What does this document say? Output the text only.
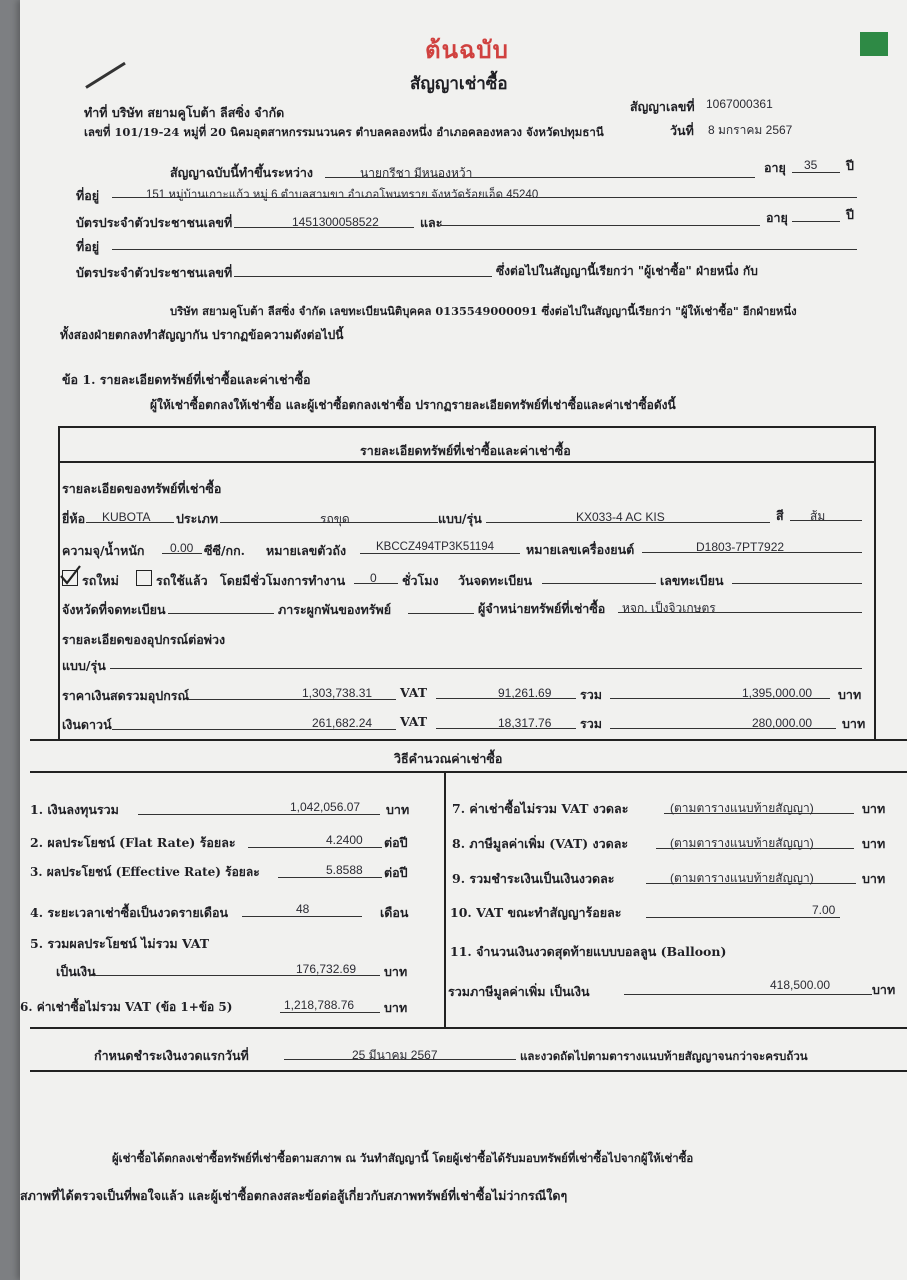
ต้นฉบับ
สัญญาเช่าซื้อ
ทำที่ บริษัท สยามคูโบต้า ลีสซิ่ง จำกัด
เลขที่ 101/19-24 หมู่ที่ 20 นิคมอุตสาหกรรมนวนคร ตำบลคลองหนึ่ง อำเภอคลองหลวง จังหวัดปทุมธานี
สัญญาเลขที่ 1067000361
วันที่ 8 มกราคม 2567
สัญญาฉบับนี้ทำขึ้นระหว่าง	นายกรีชา มีหนองหว้า	อายุ 35 ปี
ที่อยู่	151 หมู่บ้านเกาะแก้ว หมู่ 6 ตำบลสามขา อำเภอโพนทราย จังหวัดร้อยเอ็ด 45240
บัตรประจำตัวประชาชนเลขที่	1451300058522	และ	อายุ	ปี
ที่อยู่
บัตรประจำตัวประชาชนเลขที่	ซึ่งต่อไปในสัญญานี้เรียกว่า "ผู้เช่าซื้อ" ฝ่ายหนึ่ง กับ
บริษัท สยามคูโบต้า ลีสซิ่ง จำกัด เลขทะเบียนนิติบุคคล 0135549000091 ซึ่งต่อไปในสัญญานี้เรียกว่า "ผู้ให้เช่าซื้อ" อีกฝ่ายหนึ่ง
ทั้งสองฝ่ายตกลงทำสัญญากัน ปรากฏข้อความดังต่อไปนี้
ข้อ 1. รายละเอียดทรัพย์ที่เช่าซื้อและค่าเช่าซื้อ
ผู้ให้เช่าซื้อตกลงให้เช่าซื้อ และผู้เช่าซื้อตกลงเช่าซื้อ ปรากฏรายละเอียดทรัพย์ที่เช่าซื้อและค่าเช่าซื้อดังนี้
รายละเอียดทรัพย์ที่เช่าซื้อและค่าเช่าซื้อ
รายละเอียดของทรัพย์ที่เช่าซื้อ
ยี่ห้อ KUBOTA ประเภท	รถขุด	แบบ/รุ่น	KX033-4 AC KIS	สี ส้ม
ความจุ/น้ำหนัก 0.00 ซีซี/กก. หมายเลขตัวถัง	KBCCZ494TP3K51194	หมายเลขเครื่องยนต์	D1803-7PT7922
รถใหม่	รถใช้แล้ว โดยมีชั่วโมงการทำงาน 0 ชั่วโมง วันจดทะเบียน	เลขทะเบียน
จังหวัดที่จดทะเบียน	ภาระผูกพันของทรัพย์	ผู้จำหน่ายทรัพย์ที่เช่าซื้อ หจก. เป็งจิวเกษตร
รายละเอียดของอุปกรณ์ต่อพ่วง
แบบ/รุ่น
ราคาเงินสดรวมอุปกรณ์	1,303,738.31 VAT	91,261.69 รวม	1,395,000.00 บาท
เงินดาวน์	261,682.24 VAT	18,317.76 รวม	280,000.00 บาท
วิธีคำนวณค่าเช่าซื้อ
1. เงินลงทุนรวม	1,042,056.07 บาท
2. ผลประโยชน์ (Flat Rate) ร้อยละ	4.2400 ต่อปี
3. ผลประโยชน์ (Effective Rate) ร้อยละ	5.8588 ต่อปี
4. ระยะเวลาเช่าซื้อเป็นงวดรายเดือน	48	เดือน
5. รวมผลประโยชน์ ไม่รวม VAT
เป็นเงิน	176,732.69 บาท
6. ค่าเช่าซื้อไม่รวม VAT (ข้อ 1+ข้อ 5)	1,218,788.76 บาท
7. ค่าเช่าซื้อไม่รวม VAT งวดละ	(ตามตารางแนบท้ายสัญญา)	บาท
8. ภาษีมูลค่าเพิ่ม (VAT) งวดละ	(ตามตารางแนบท้ายสัญญา)	บาท
9. รวมชำระเงินเป็นเงินงวดละ	(ตามตารางแนบท้ายสัญญา)	บาท
10. VAT ขณะทำสัญญาร้อยละ	7.00
11. จำนวนเงินงวดสุดท้ายแบบบอลลูน (Balloon)
รวมภาษีมูลค่าเพิ่ม เป็นเงิน	418,500.00	บาท
กำหนดชำระเงินงวดแรกวันที่	25 มีนาคม 2567	และงวดถัดไปตามตารางแนบท้ายสัญญาจนกว่าจะครบถ้วน
ผู้เช่าซื้อได้ตกลงเช่าซื้อทรัพย์ที่เช่าซื้อตามสภาพ ณ วันทำสัญญานี้ โดยผู้เช่าซื้อได้รับมอบทรัพย์ที่เช่าซื้อไปจากผู้ให้เช่าซื้อ
สภาพที่ได้ตรวจเป็นที่พอใจแล้ว และผู้เช่าซื้อตกลงสละข้อต่อสู้เกี่ยวกับสภาพทรัพย์ที่เช่าซื้อไม่ว่ากรณีใดๆ
